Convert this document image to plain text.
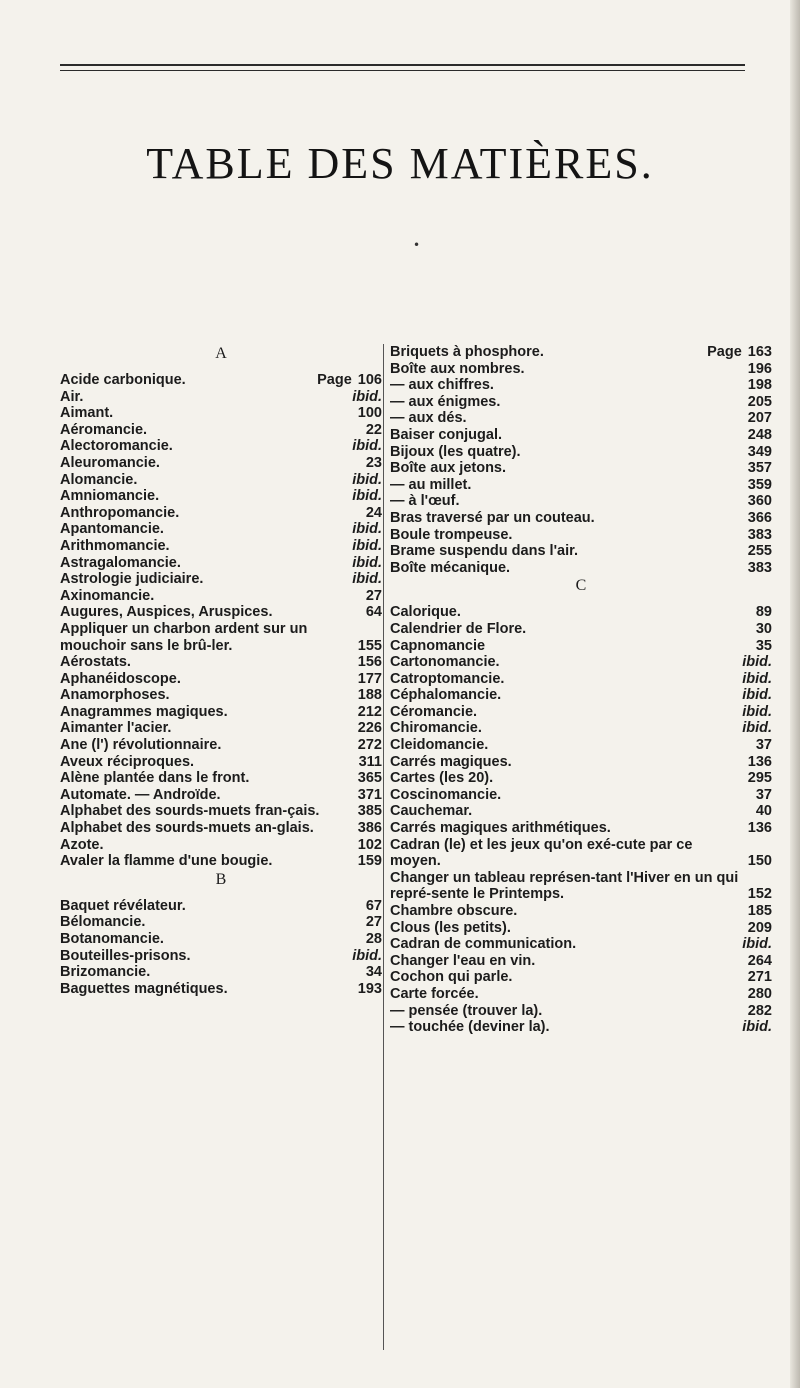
TABLE DES MATIÈRES.
•
A
Acide carbonique.	Page 106
Air.	ibid.
Aimant.	100
Aéromancie.	22
Alectoromancie.	ibid.
Aleuromancie.	23
Alomancie.	ibid.
Amniomancie.	ibid.
Anthropomancie.	24
Apantomancie.	ibid.
Arithmomancie.	ibid.
Astragalomancie.	ibid.
Astrologie judiciaire.	ibid.
Axinomancie.	27
Augures, Auspices, Aruspices.	64
Appliquer un charbon ardent sur un mouchoir sans le brû-ler.	155
Aérostats.	156
Aphanéidoscope.	177
Anamorphoses.	188
Anagrammes magiques.	212
Aimanter l'acier.	226
Ane (l') révolutionnaire.	272
Aveux réciproques.	311
Alène plantée dans le front.	365
Automate. — Androïde.	371
Alphabet des sourds-muets fran-çais.	385
Alphabet des sourds-muets an-glais.	386
Azote.	102
Avaler la flamme d'une bougie.	159
B
Baquet révélateur.	67
Bélomancie.	27
Botanomancie.	28
Bouteilles-prisons.	ibid.
Brizomancie.	34
Baguettes magnétiques.	193
Briquets à phosphore.	Page 163
Boîte aux nombres.	196
— aux chiffres.	198
— aux énigmes.	205
— aux dés.	207
Baiser conjugal.	248
Bijoux (les quatre).	349
Boîte aux jetons.	357
— au millet.	359
— à l'œuf.	360
Bras traversé par un couteau.	366
Boule trompeuse.	383
Brame suspendu dans l'air.	255
Boîte mécanique.	383
C
Calorique.	89
Calendrier de Flore.	30
Capnomancie	35
Cartonomancie.	ibid.
Catroptomancie.	ibid.
Céphalomancie.	ibid.
Céromancie.	ibid.
Chiromancie.	ibid.
Cleidomancie.	37
Carrés magiques.	136
Cartes (les 20).	295
Coscinomancie.	37
Cauchemar.	40
Carrés magiques arithmétiques.	136
Cadran (le) et les jeux qu'on exé-cute par ce moyen.	150
Changer un tableau représen-tant l'Hiver en un qui repré-sente le Printemps.	152
Chambre obscure.	185
Clous (les petits).	209
Cadran de communication.	ibid.
Changer l'eau en vin.	264
Cochon qui parle.	271
Carte forcée.	280
— pensée (trouver la).	282
— touchée (deviner la).	ibid.
